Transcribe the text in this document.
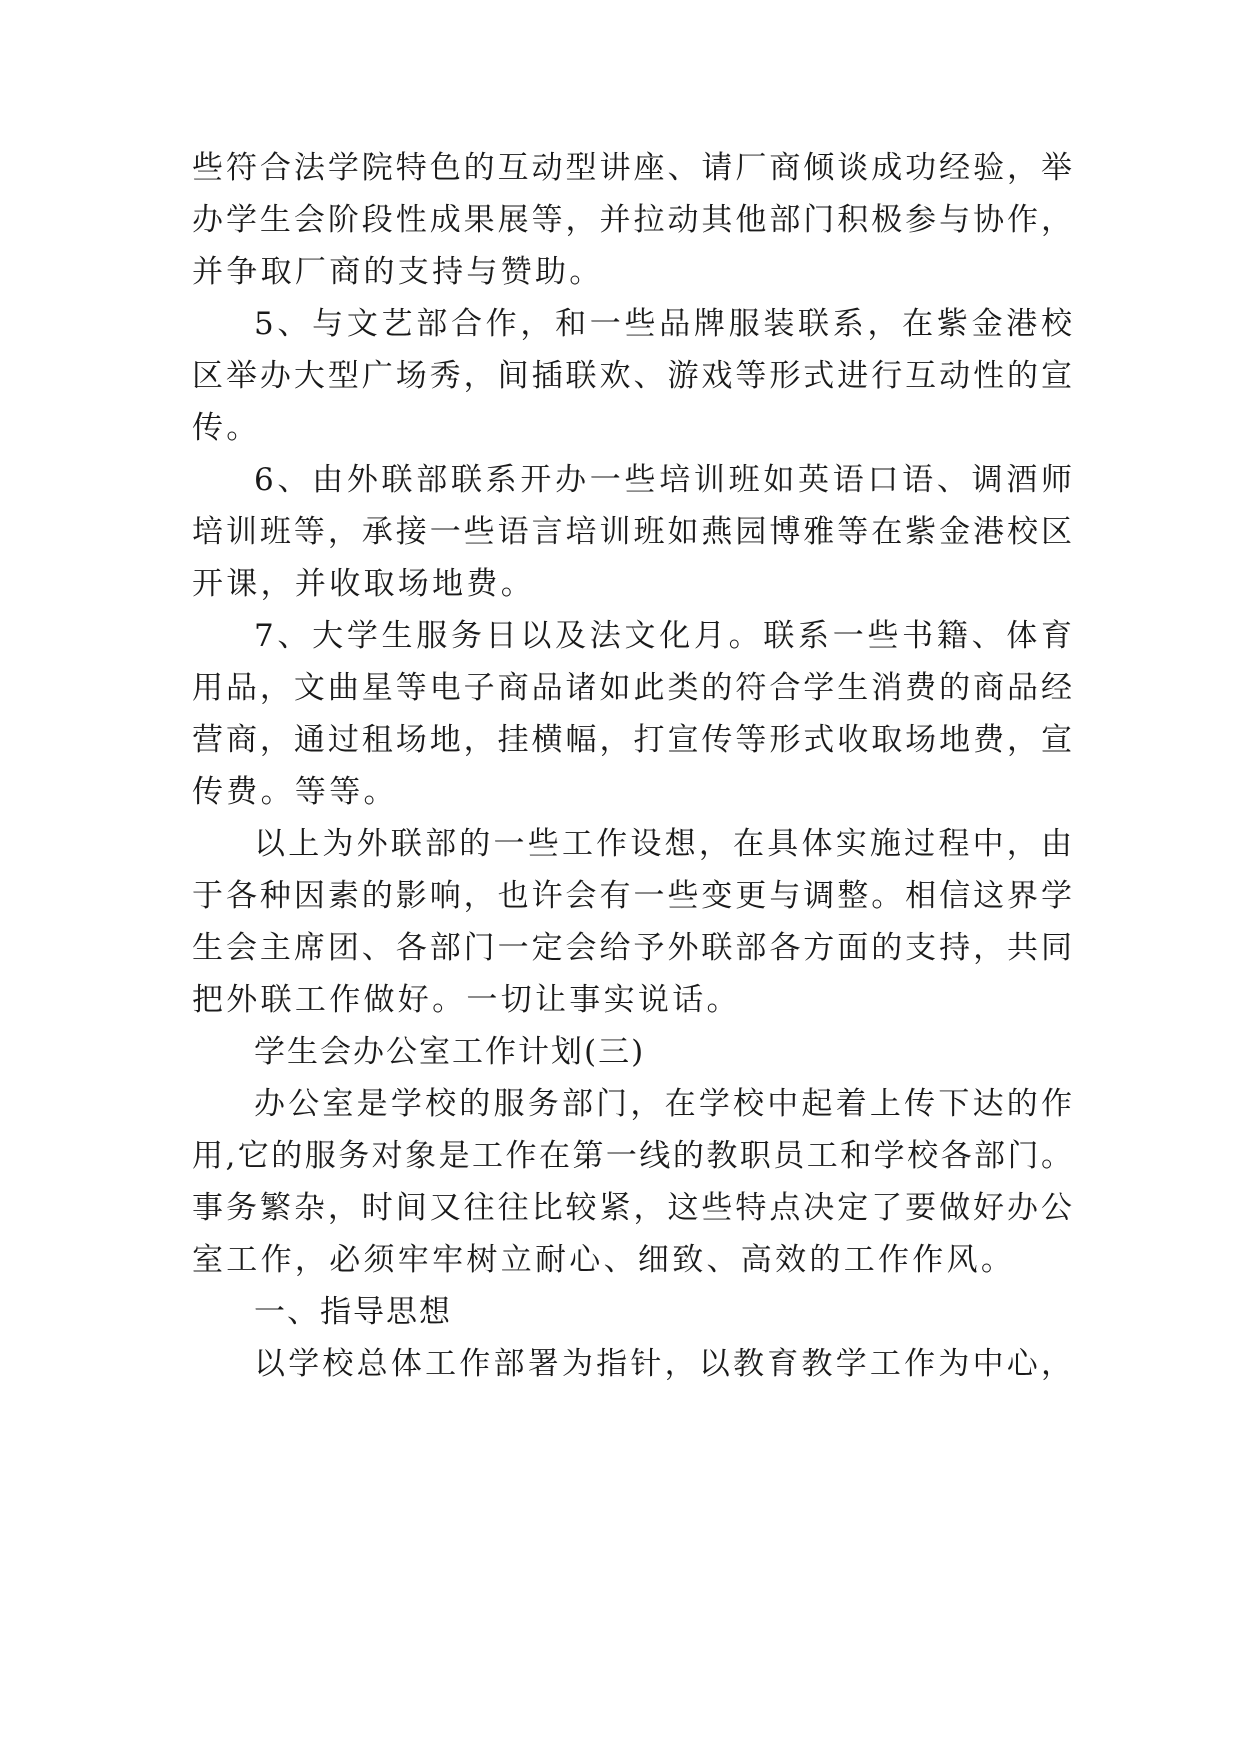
些符合法学院特色的互动型讲座、请厂商倾谈成功经验，举
办学生会阶段性成果展等，并拉动其他部门积极参与协作，
并争取厂商的支持与赞助。
5、与文艺部合作，和一些品牌服装联系，在紫金港校
区举办大型广场秀，间插联欢、游戏等形式进行互动性的宣
传。
6、由外联部联系开办一些培训班如英语口语、调酒师
培训班等，承接一些语言培训班如燕园博雅等在紫金港校区
开课，并收取场地费。
7、大学生服务日以及法文化月。联系一些书籍、体育
用品，文曲星等电子商品诸如此类的符合学生消费的商品经
营商，通过租场地，挂横幅，打宣传等形式收取场地费，宣
传费。等等。
以上为外联部的一些工作设想，在具体实施过程中，由
于各种因素的影响，也许会有一些变更与调整。相信这界学
生会主席团、各部门一定会给予外联部各方面的支持，共同
把外联工作做好。一切让事实说话。
学生会办公室工作计划(三)
办公室是学校的服务部门，在学校中起着上传下达的作
用,它的服务对象是工作在第一线的教职员工和学校各部门。
事务繁杂，时间又往往比较紧，这些特点决定了要做好办公
室工作，必须牢牢树立耐心、细致、高效的工作作风。
一、指导思想
以学校总体工作部署为指针，以教育教学工作为中心，
